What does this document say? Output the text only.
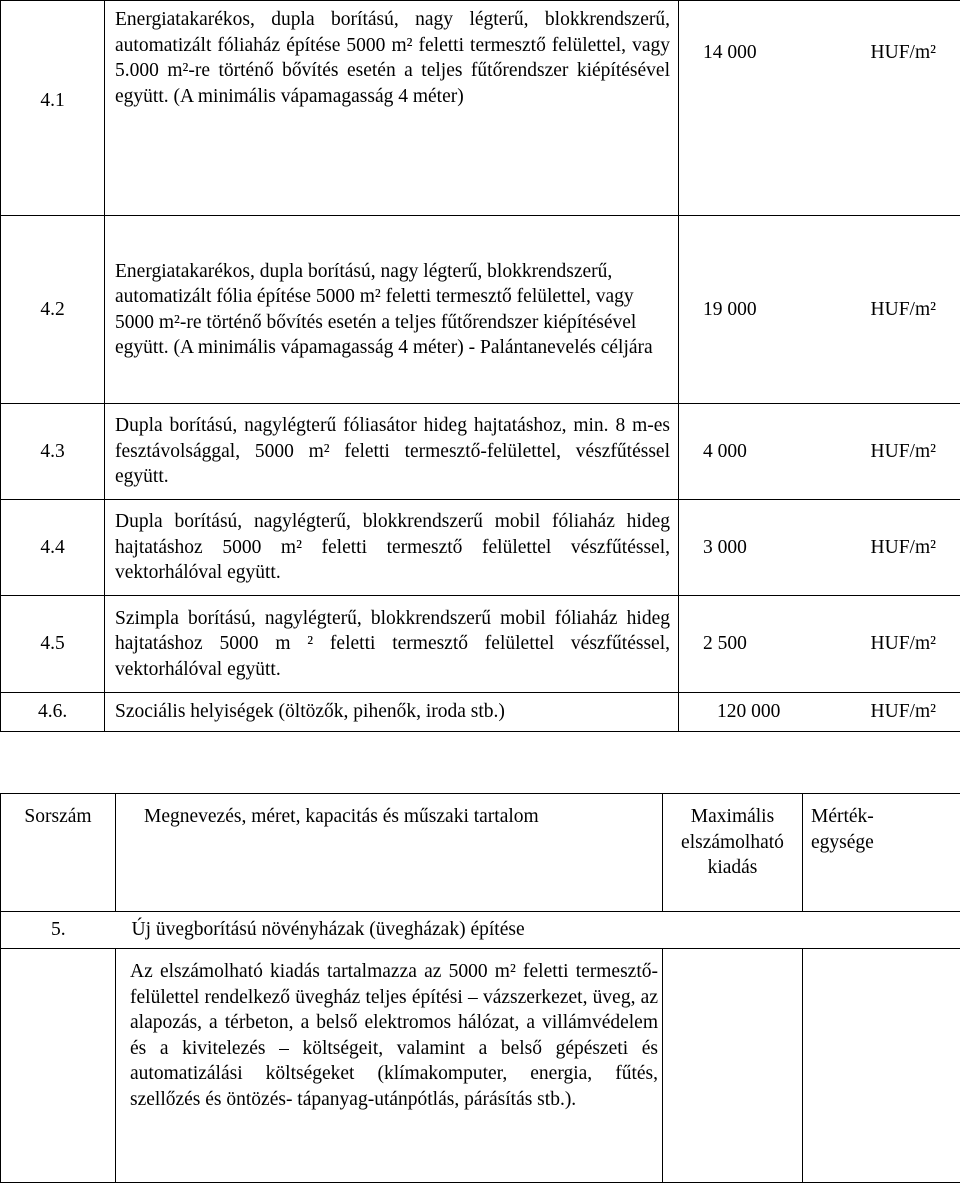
4.1	Energiatakarékos, dupla borítású, nagy légterű, blokkrendszerű, automatizált fóliaház építése 5000 m² feletti termesztő felülettel, vagy 5.000 m²-re történő bővítés esetén a teljes fűtőrendszer kiépítésével együtt. (A minimális vápamagasság 4 méter)	14 000 HUF/m²

4.2	Energiatakarékos, dupla borítású, nagy légterű, blokkrendszerű, automatizált fólia építése 5000 m² feletti termesztő felülettel, vagy 5000 m²-re történő bővítés esetén a teljes fűtőrendszer kiépítésével együtt. (A minimális vápamagasság 4 méter) - Palántanevelés céljára	19 000 HUF/m²

4.3	Dupla borítású, nagylégterű fóliasátor hideg hajtatáshoz, min. 8 m-es fesztávolsággal, 5000 m² feletti termesztő-felülettel, vészfűtéssel együtt.	4 000 HUF/m²

4.4	Dupla borítású, nagylégterű, blokkrendszerű mobil fóliaház hideg hajtatáshoz 5000 m² feletti termesztő felülettel vészfűtéssel, vektorhálóval együtt.	3 000 HUF/m²

4.5	Szimpla borítású, nagylégterű, blokkrendszerű mobil fóliaház hideg hajtatáshoz 5000 m ² feletti termesztő felülettel vészfűtéssel, vektorhálóval együtt.	2 500 HUF/m²

4.6.	Szociális helyiségek (öltözők, pihenők, iroda stb.)	120 000 HUF/m²
Sorszám	Megnevezés, méret, kapacitás és műszaki tartalom	Maximális elszámolható kiadás	Mérték-egysége
5.	Új üvegborítású növényházak (üvegházak) építése		
	Az elszámolható kiadás tartalmazza az 5000 m² feletti termesztő-felülettel rendelkező üvegház teljes építési – vázszerkezet, üveg, az alapozás, a térbeton, a belső elektromos hálózat, a villámvédelem és a kivitelezés – költségeit, valamint a belső gépészeti és automatizálási költségeket (klímakomputer, energia, fűtés, szellőzés és öntözés- tápanyag-utánpótlás, párásítás stb.).		
